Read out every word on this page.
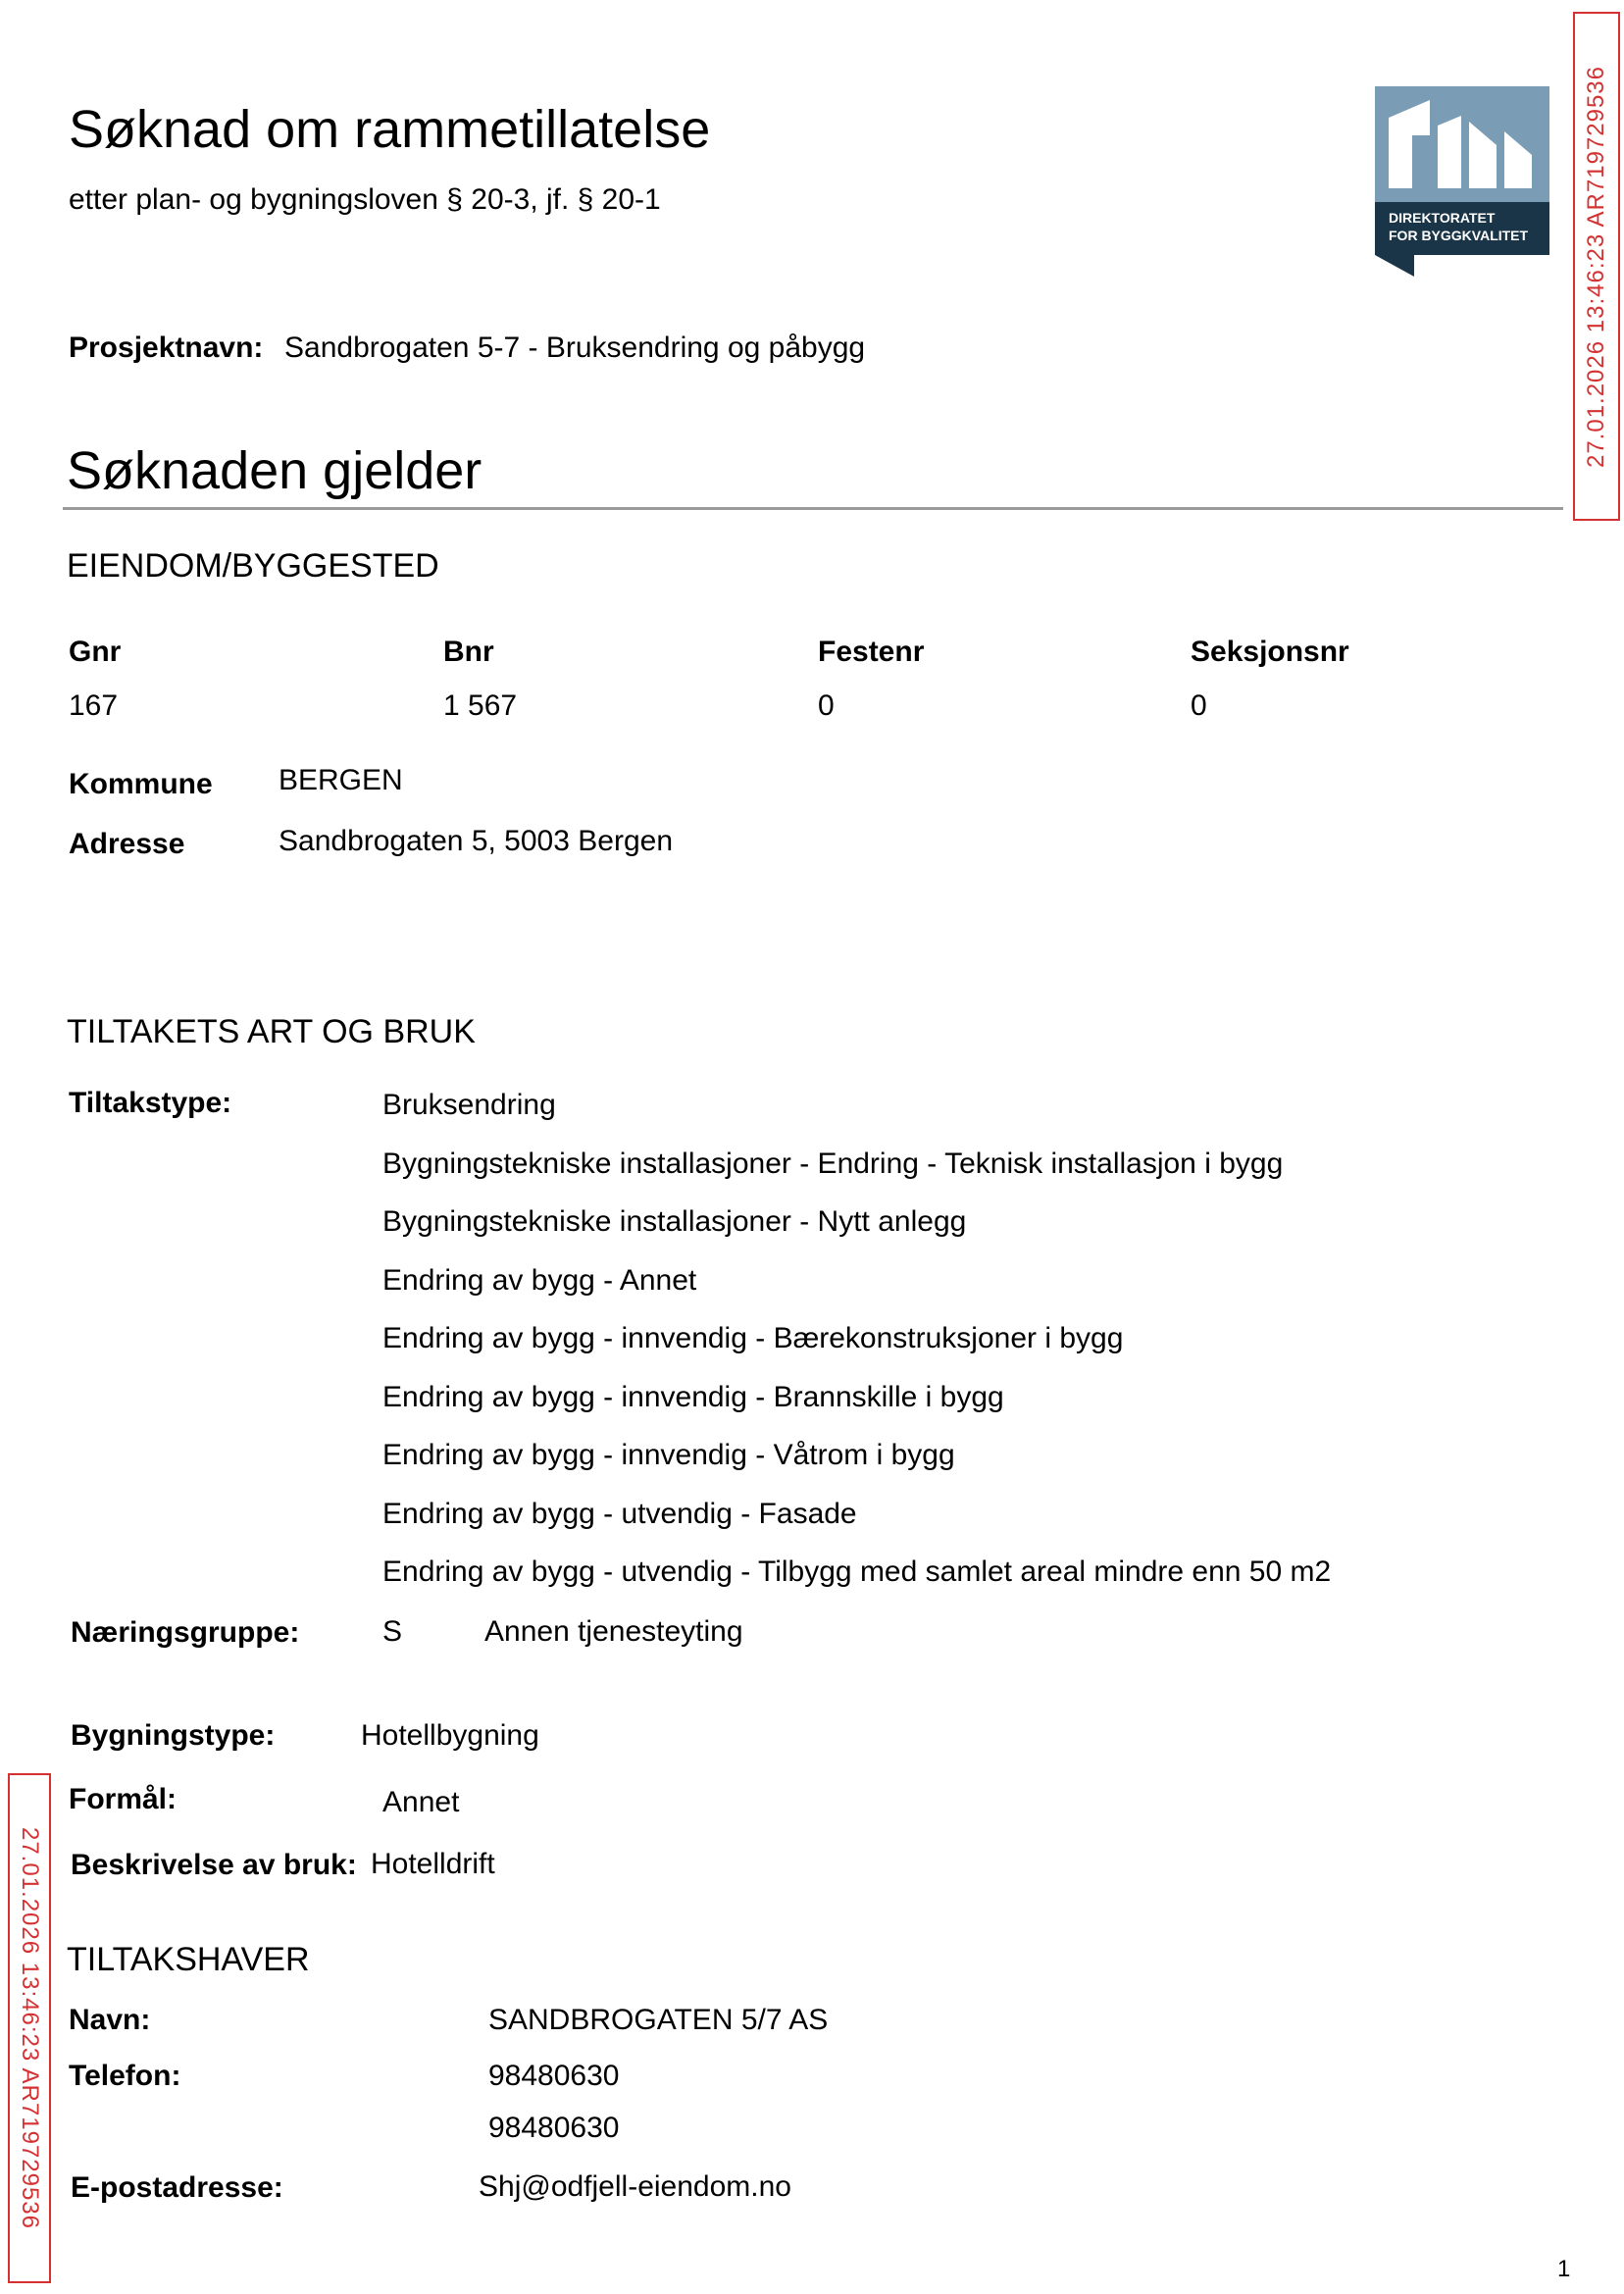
Søknad om rammetillatelse
etter plan- og bygningsloven § 20-3, jf. § 20-1
DIREKTORATET
FOR BYGGKVALITET 27.01.2026 13:46:23 AR719729536
27.01.2026 13:46:23 AR719729536
Prosjektnavn: Sandbrogaten 5-7 - Bruksendring og påbygg
Søknaden gjelder
EIENDOM/BYGGESTED
Gnr	Bnr	Festenr	Seksjonsnr
167	1 567	0	0
Kommune BERGEN
Adresse	Sandbrogaten 5, 5003 Bergen
TILTAKETS ART OG BRUK
Tiltakstype:	Bruksendring
Bygningstekniske installasjoner - Endring - Teknisk installasjon i bygg
Bygningstekniske installasjoner - Nytt anlegg
Endring av bygg - Annet
Endring av bygg - innvendig - Bærekonstruksjoner i bygg
Endring av bygg - innvendig - Brannskille i bygg
Endring av bygg - innvendig - Våtrom i bygg
Endring av bygg - utvendig - Fasade
Endring av bygg - utvendig - Tilbygg med samlet areal mindre enn 50 m2
Næringsgruppe:	S	Annen tjenesteyting
Bygningstype:	Hotellbygning
Formål:	Annet
Beskrivelse av bruk: Hotelldrift
TILTAKSHAVER
Navn:	SANDBROGATEN 5/7 AS
Telefon:	98480630
98480630
E-postadresse:	Shj@odfjell-eiendom.no
1
